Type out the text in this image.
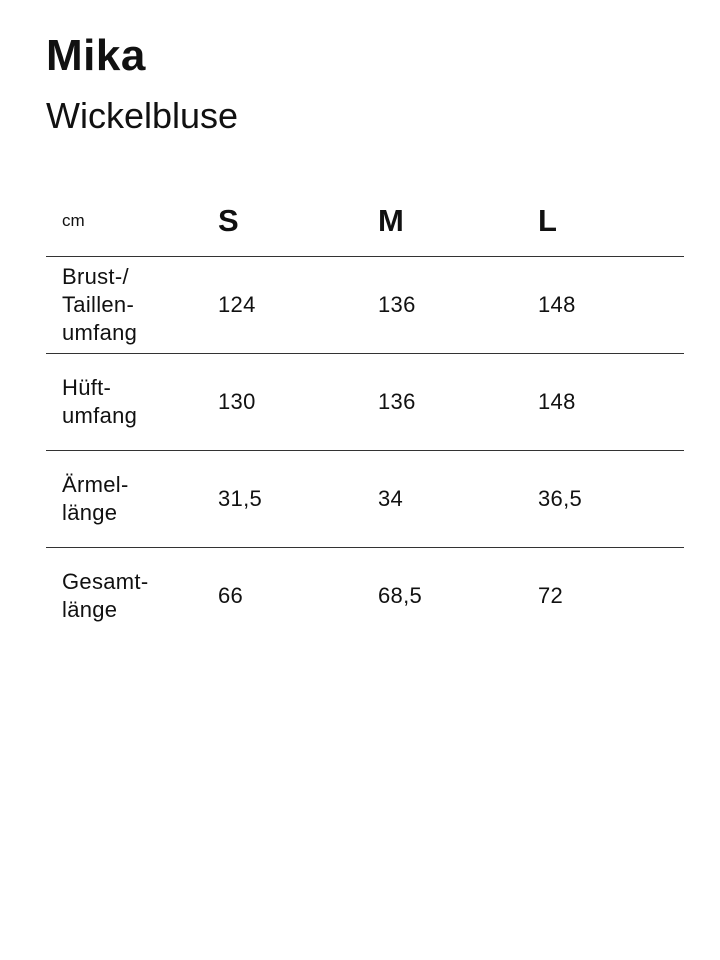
Mika
Wickelbluse
cm	S	M	L

Brust-/
Taillen-
umfang	124	136	148

Hüft-
umfang	130	136	148

Ärmel-
länge	31,5	34	36,5

Gesamt-
länge	66	68,5	72
